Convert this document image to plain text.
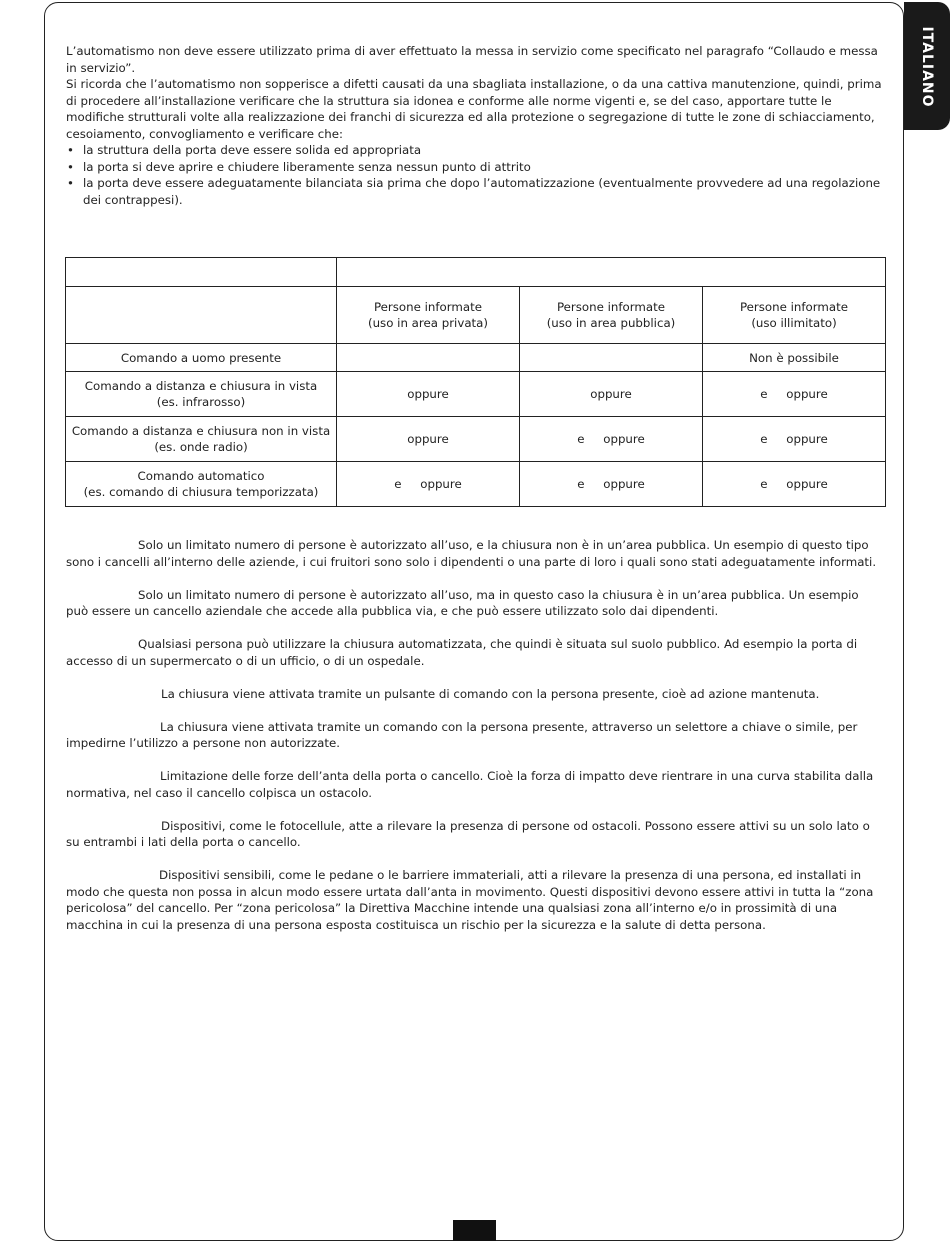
ITALIANO

L’automatismo non deve essere utilizzato prima di aver effettuato la messa in servizio come specificato nel paragrafo “Collaudo e messa in servizio”.

Si ricorda che l’automatismo non sopperisce a difetti causati da una sbagliata installazione, o da una cattiva manutenzione, quindi, prima di procedere all’installazione verificare che la struttura sia idonea e conforme alle norme vigenti e, se del caso, apportare tutte le modifiche strutturali volte alla realizzazione dei franchi di sicurezza ed alla protezione o segregazione di tutte le zone di schiacciamento, cesoiamento, convogliamento e verificare che:

• la struttura della porta deve essere solida ed appropriata
• la porta si deve aprire e chiudere liberamente senza nessun punto di attrito
• la porta deve essere adeguatamente bilanciata sia prima che dopo l’automatizzazione (eventualmente provvedere ad una regolazione dei contrappesi).

	Persone informate
(uso in area privata)	Persone informate
(uso in area pubblica)	Persone informate
(uso illimitato)
Comando a uomo presente			Non è possibile
Comando a distanza e chiusura in vista
(es. infrarosso)	oppure	oppure	e     oppure
Comando a distanza e chiusura non in vista
(es. onde radio)	oppure	e     oppure	e     oppure
Comando automatico
(es. comando di chiusura temporizzata)	e     oppure	e     oppure	e     oppure

Solo un limitato numero di persone è autorizzato all’uso, e la chiusura non è in un’area pubblica. Un esempio di questo tipo sono i cancelli all’interno delle aziende, i cui fruitori sono solo i dipendenti o una parte di loro i quali sono stati adeguatamente informati.

Solo un limitato numero di persone è autorizzato all’uso, ma in questo caso la chiusura è in un’area pubblica. Un esempio può essere un cancello aziendale che accede alla pubblica via, e che può essere utilizzato solo dai dipendenti.

Qualsiasi persona può utilizzare la chiusura automatizzata, che quindi è situata sul suolo pubblico. Ad esempio la porta di accesso di un supermercato o di un ufficio, o di un ospedale.

La chiusura viene attivata tramite un pulsante di comando con la persona presente, cioè ad azione mantenuta.

La chiusura viene attivata tramite un comando con la persona presente, attraverso un selettore a chiave o simile, per impedirne l’utilizzo a persone non autorizzate.

Limitazione delle forze dell’anta della porta o cancello. Cioè la forza di impatto deve rientrare in una curva stabilita dalla normativa, nel caso il cancello colpisca un ostacolo.

Dispositivi, come le fotocellule, atte a rilevare la presenza di persone od ostacoli. Possono essere attivi su un solo lato o su entrambi i lati della porta o cancello.

Dispositivi sensibili, come le pedane o le barriere immateriali, atti a rilevare la presenza di una persona, ed installati in modo che questa non possa in alcun modo essere urtata dall’anta in movimento. Questi dispositivi devono essere attivi in tutta la “zona pericolosa” del cancello. Per “zona pericolosa” la Direttiva Macchine intende una qualsiasi zona all’interno e/o in prossimità di una macchina in cui la presenza di una persona esposta costituisca un rischio per la sicurezza e la salute di detta persona.
